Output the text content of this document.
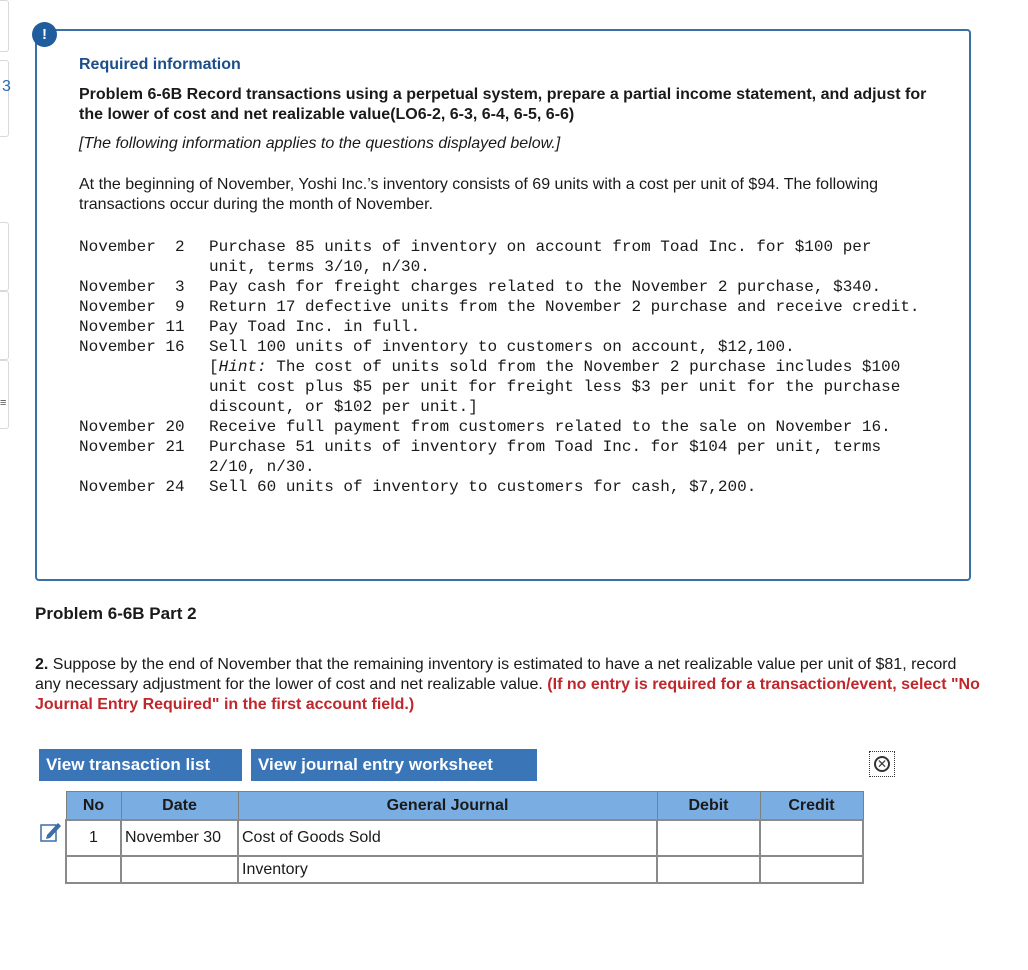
3
≡
!
Required information
Problem 6-6B Record transactions using a perpetual system, prepare a partial income statement, and adjust for the lower of cost and net realizable value(LO6-2, 6-3, 6-4, 6-5, 6-6)
[The following information applies to the questions displayed below.]
At the beginning of November, Yoshi Inc.’s inventory consists of 69 units with a cost per unit of $94. The following transactions occur during the month of November.
November  2	Purchase 85 units of inventory on account from Toad Inc. for $100 per unit, terms 3/10, n/30.
November  3	Pay cash for freight charges related to the November 2 purchase, $340.
November  9	Return 17 defective units from the November 2 purchase and receive credit.
November 11	Pay Toad Inc. in full.
November 16	Sell 100 units of inventory to customers on account, $12,100.
[Hint: The cost of units sold from the November 2 purchase includes $100 unit cost plus $5 per unit for freight less $3 per unit for the purchase discount, or $102 per unit.]
November 20	Receive full payment from customers related to the sale on November 16.
November 21	Purchase 51 units of inventory from Toad Inc. for $104 per unit, terms 2/10, n/30.
November 24	Sell 60 units of inventory to customers for cash, $7,200.
Problem 6-6B Part 2
2. Suppose by the end of November that the remaining inventory is estimated to have a net realizable value per unit of $81, record any necessary adjustment for the lower of cost and net realizable value. (If no entry is required for a transaction/event, select "No Journal Entry Required" in the first account field.)
View transaction list	View journal entry worksheet	✕
No	Date	General Journal	Debit	Credit
1	November 30	Cost of Goods Sold		
		Inventory		
